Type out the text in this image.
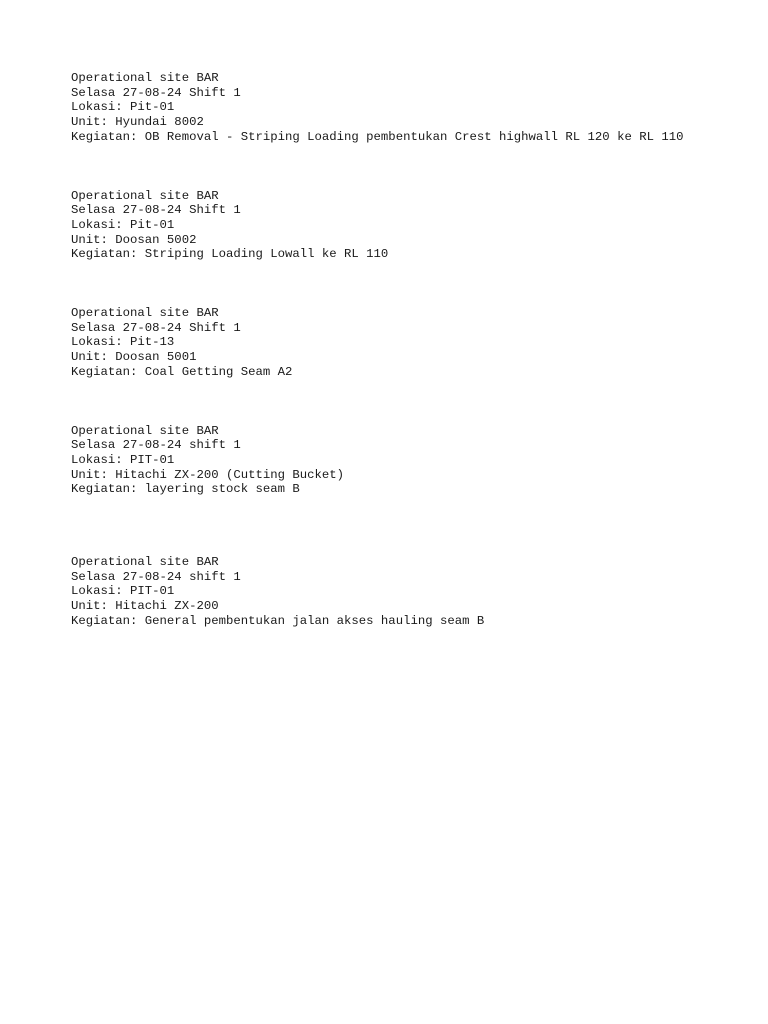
Operational site BAR
Selasa 27-08-24 Shift 1
Lokasi: Pit-01
Unit: Hyundai 8002
Kegiatan: OB Removal - Striping Loading pembentukan Crest highwall RL 120 ke RL 110
Operational site BAR
Selasa 27-08-24 Shift 1
Lokasi: Pit-01
Unit: Doosan 5002
Kegiatan: Striping Loading Lowall ke RL 110
Operational site BAR
Selasa 27-08-24 Shift 1
Lokasi: Pit-13
Unit: Doosan 5001
Kegiatan: Coal Getting Seam A2
Operational site BAR
Selasa 27-08-24 shift 1
Lokasi: PIT-01
Unit: Hitachi ZX-200 (Cutting Bucket)
Kegiatan: layering stock seam B
Operational site BAR
Selasa 27-08-24 shift 1
Lokasi: PIT-01
Unit: Hitachi ZX-200
Kegiatan: General pembentukan jalan akses hauling seam B
